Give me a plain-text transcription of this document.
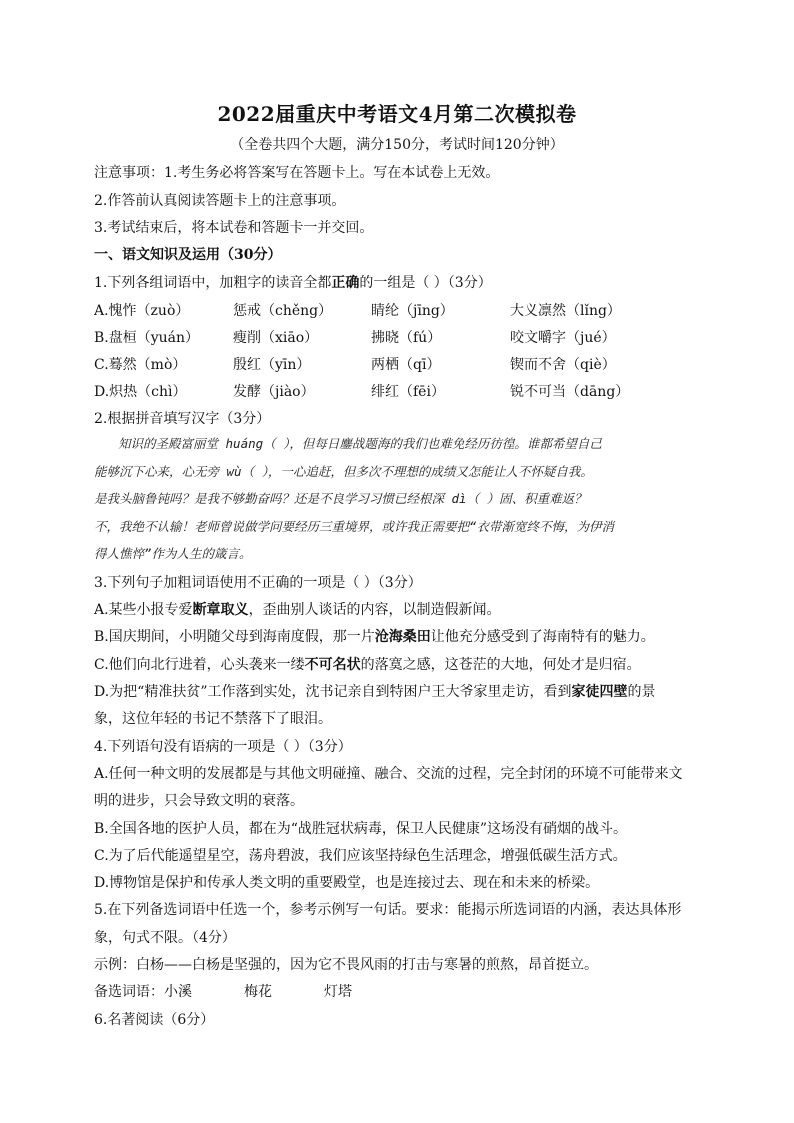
2022届重庆中考语文4月第二次模拟卷
（全卷共四个大题，满分150分，考试时间120分钟）
注意事项：1.考生务必将答案写在答题卡上。写在本试卷上无效。
2.作答前认真阅读答题卡上的注意事项。
3.考试结束后，将本试卷和答题卡一并交回。
一、语文知识及运用（30分）
1.下列各组词语中，加粗字的读音全都正确的一组是（ ）（3分）
A.愧怍（zuò）	惩戒（chěng）	睛纶（jīng）	大义凛然（lǐng）
B.盘桓（yuán） 瘦削（xiāo）	拂晓（fú）	咬文嚼字（jué）
C.蓦然（mò）	殷红（yīn）	两栖（qī）	锲而不舍（qiè）
D.炽热（chì）	发酵（jiào）	绯红（fēi）	锐不可当（dāng）
2.根据拼音填写汉字（3分）
知识的圣殿富丽堂 huáng（ ），但每日鏖战题海的我们也难免经历彷徨。谁都希望自己
能够沉下心来，心无旁 wù（ ），一心追赶，但多次不理想的成绩又怎能让人不怀疑自我。
是我头脑鲁钝吗？是我不够勤奋吗？还是不良学习习惯已经根深 dì（ ）固、积重难返？
不，我绝不认输！老师曾说做学问要经历三重境界，或许我正需要把“衣带渐宽终不悔，为伊消
得人憔悴”作为人生的箴言。
3.下列句子加粗词语使用不正确的一项是（ ）（3分）
A.某些小报专爱断章取义，歪曲别人谈话的内容，以制造假新闻。
B.国庆期间，小明随父母到海南度假，那一片沧海桑田让他充分感受到了海南特有的魅力。
C.他们向北行进着，心头袭来一缕不可名状的落寞之感，这苍茫的大地，何处才是归宿。
D.为把“精准扶贫”工作落到实处，沈书记亲自到特困户王大爷家里走访，看到家徒四壁的景
象，这位年轻的书记不禁落下了眼泪。
4.下列语句没有语病的一项是（ ）（3分）
A.任何一种文明的发展都是与其他文明碰撞、融合、交流的过程，完全封闭的环境不可能带来文
明的进步，只会导致文明的衰落。
B.全国各地的医护人员，都在为“战胜冠状病毒，保卫人民健康”这场没有硝烟的战斗。
C.为了后代能遥望星空，荡舟碧波，我们应该坚持绿色生活理念，增强低碳生活方式。
D.博物馆是保护和传承人类文明的重要殿堂，也是连接过去、现在和未来的桥梁。
5.在下列备选词语中任选一个，参考示例写一句话。要求：能揭示所选词语的内涵，表达具体形
象，句式不限。（4分）
示例：白杨——白杨是坚强的，因为它不畏风雨的打击与寒暑的煎熬，昂首挺立。
备选词语：小溪	梅花	灯塔
6.名著阅读（6分）
